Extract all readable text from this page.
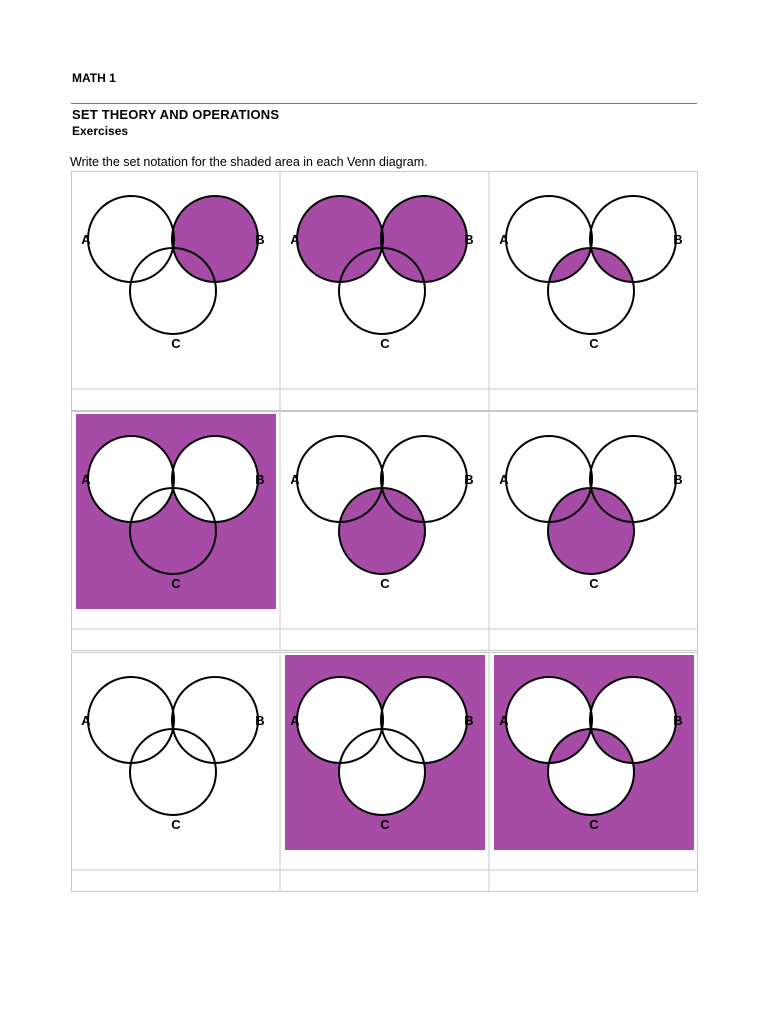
MATH 1
SET THEORY AND OPERATIONS
Exercises
Write the set notation for the shaded area in each Venn diagram.
A	B
C
A	B
C
A	B
C
A	B
C
A	B
C
A	B
C
A	B
C
A	B
C
A	B
C
